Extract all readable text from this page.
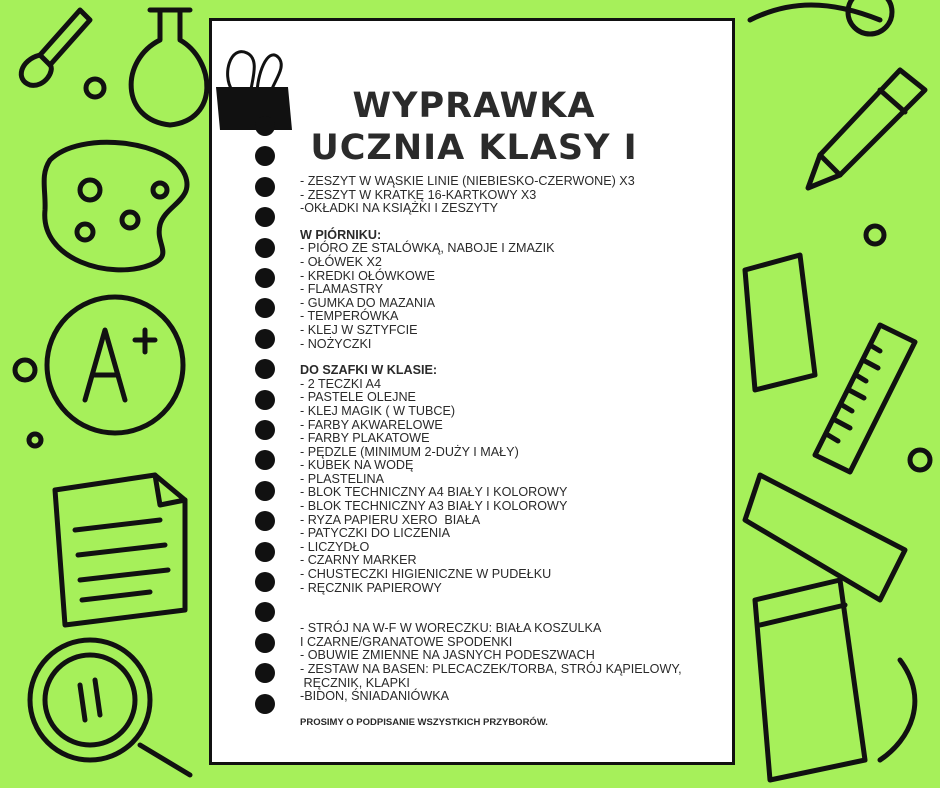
WYPRAWKA
UCZNIA KLASY I

- ZESZYT W WĄSKIE LINIE (NIEBIESKO-CZERWONE) X3

- ZESZYT W KRATKĘ 16-KARTKOWY X3

-OKŁADKI NA KSIĄŻKI I ZESZYTY

W PIÓRNIKU:

- PIÓRO ZE STALÓWKĄ, NABOJE I ZMAZIK

- OŁÓWEK X2

- KREDKI OŁÓWKOWE

- FLAMASTRY

- GUMKA DO MAZANIA

- TEMPERÓWKA

- KLEJ W SZTYFCIE

- NOŻYCZKI

DO SZAFKI W KLASIE:

- 2 TECZKI A4

- PASTELE OLEJNE

- KLEJ MAGIK ( W TUBCE)

- FARBY AKWARELOWE

- FARBY PLAKATOWE

- PĘDZLE (MINIMUM 2-DUŻY I MAŁY)

- KUBEK NA WODĘ

- PLASTELINA

- BLOK TECHNICZNY A4 BIAŁY I KOLOROWY

- BLOK TECHNICZNY A3 BIAŁY I KOLOROWY

- RYZA PAPIERU XERO  BIAŁA

- PATYCZKI DO LICZENIA

- LICZYDŁO

- CZARNY MARKER

- CHUSTECZKI HIGIENICZNE W PUDEŁKU

- RĘCZNIK PAPIEROWY

- STRÓJ NA W-F W WORECZKU: BIAŁA KOSZULKA

I CZARNE/GRANATOWE SPODENKI

- OBUWIE ZMIENNE NA JASNYCH PODESZWACH

- ZESTAW NA BASEN: PLECACZEK/TORBA, STRÓJ KĄPIELOWY,

RĘCZNIK, KLAPKI

-BIDON, ŚNIADANIÓWKA

PROSIMY O PODPISANIE WSZYSTKICH PRZYBORÓW.
